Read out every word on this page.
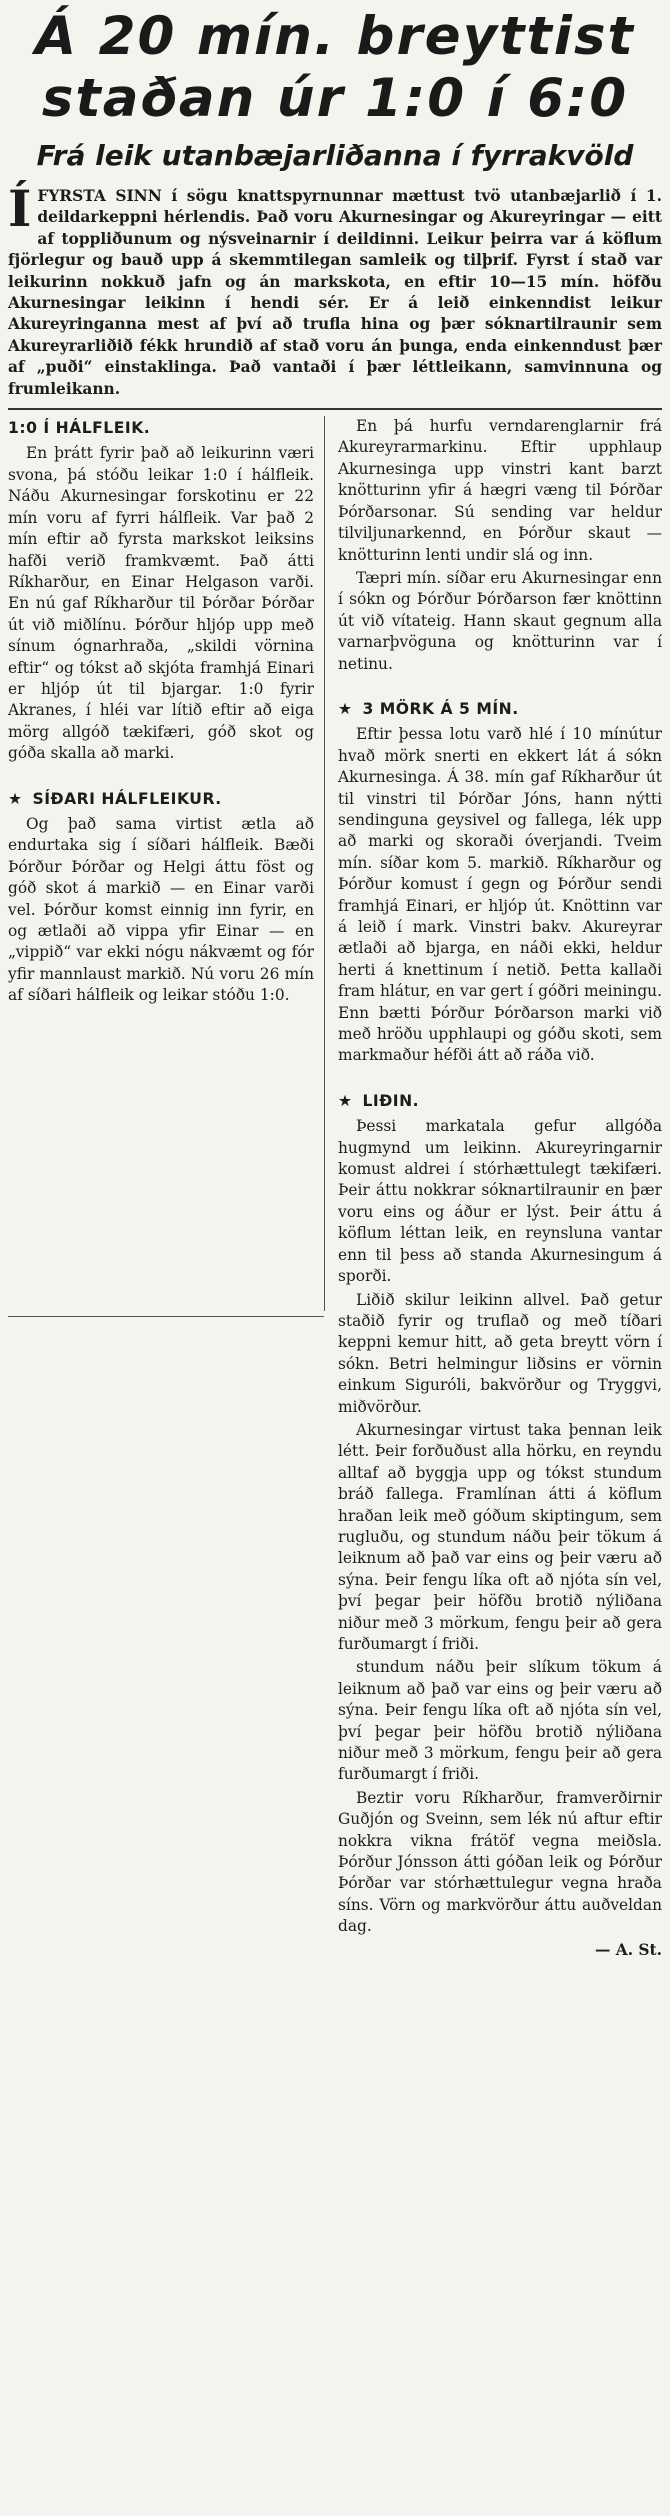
Á 20 mín. breyttist staðan úr 1:0 í 6:0
Frá leik utanbæjarliðanna í fyrrakvöld
Í FYRSTA SINN í sögu knattspyrnunnar mættust tvö utanbæjarlið í 1. deildarkeppni hérlendis. Það voru Akurnesingar og Akureyringar — eitt af toppliðunum og nýsveinarnir í deildinni. Leikur þeirra var á köflum fjörlegur og bauð upp á skemmtilegan samleik og tilþrif. Fyrst í stað var leikurinn nokkuð jafn og án markskota, en eftir 10—15 mín. höfðu Akurnesingar leikinn í hendi sér. Er á leið einkenndist leikur Akureyringanna mest af því að trufla hina og þær sóknartilraunir sem Akureyrarliðið fékk hrundið af stað voru án þunga, enda einkenndust þær af „puði“ einstaklinga. Það vantaði í þær léttleikann, samvinnuna og frumleikann.
1:0 Í HÁLFLEIK.

En þrátt fyrir það að leikurinn væri svona, þá stóðu leikar 1:0 í hálfleik. Náðu Akurnesingar forskotinu er 22 mín voru af fyrri hálfleik. Var það 2 mín eftir að fyrsta markskot leiksins hafði verið framkvæmt. Það átti Ríkharður, en Einar Helgason varði. En nú gaf Ríkharður til Þórðar Þórðar út við miðlínu. Þórður hljóp upp með sínum ógnarhraða, „skildi vörnina eftir“ og tókst að skjóta framhjá Einari er hljóp út til bjargar. 1:0 fyrir Akranes, í hléi var lítið eftir að eiga mörg allgóð tækifæri, góð skot og góða skalla að marki.

★ SÍÐARI HÁLFLEIKUR.

Og það sama virtist ætla að endurtaka sig í síðari hálfleik. Bæði Þórður Þórðar og Helgi áttu föst og góð skot á markið — en Einar varði vel. Þórður komst einnig inn fyrir, en og ætlaði að vippa yfir Einar — en „vippið“ var ekki nógu nákvæmt og fór yfir mannlaust markið. Nú voru 26 mín af síðari hálfleik og leikar stóðu 1:0.

En þá hurfu verndarenglarnir frá Akureyrarmarkinu. Eftir upphlaup Akurnesinga upp vinstri kant barzt knötturinn yfir á hægri væng til Þórðar Þórðarsonar. Sú sending var heldur tilviljunarkennd, en Þórður skaut — knötturinn lenti undir slá og inn.

Tæpri mín. síðar eru Akurnesingar enn í sókn og Þórður Þórðarson fær knöttinn út við vítateig. Hann skaut gegnum alla varnarþvöguna og knötturinn var í netinu.

★ 3 MÖRK Á 5 MÍN.

Eftir þessa lotu varð hlé í 10 mínútur hvað mörk snerti en ekkert lát á sókn Akurnesinga. Á 38. mín gaf Ríkharður út til vinstri til Þórðar Jóns, hann nýtti sendinguna geysivel og fallega, lék upp að marki og skoraði óverjandi. Tveim mín. síðar kom 5. markið. Ríkharður og Þórður komust í gegn og Þórður sendi framhjá Einari, er hljóp út. Knöttinn var á leið í mark. Vinstri bakv. Akureyrar ætlaði að bjarga, en náði ekki, heldur herti á knettinum í netið. Þetta kallaði fram hlátur, en var gert í góðri meiningu. Enn bætti Þórður Þórðarson marki við með hröðu upphlaupi og góðu skoti, sem markmaður héfði átt að ráða við.

★ LIÐIN.

Þessi markatala gefur allgóða hugmynd um leikinn. Akureyringarnir komust aldrei í stórhættulegt tækifæri. Þeir áttu nokkrar sóknartilraunir en þær voru eins og áður er lýst. Þeir áttu á köflum léttan leik, en reynsluna vantar enn til þess að standa Akurnesingum á sporði.

Liðið skilur leikinn allvel. Það getur staðið fyrir og truflað og með tíðari keppni kemur hitt, að geta breytt vörn í sókn. Betri helmingur liðsins er vörnin einkum Siguróli, bakvörður og Tryggvi, miðvörður.

Akurnesingar virtust taka þennan leik létt. Þeir forðuðust alla hörku, en reyndu alltaf að byggja upp og tókst stundum bráð fallega. Framlínan átti á köflum hraðan leik með góðum skiptingum, sem rugluðu, og stundum náðu þeir tökum á leiknum að það var eins og þeir væru að sýna. Þeir fengu líka oft að njóta sín vel, því þegar þeir höfðu brotið nýliðana niður með 3 mörkum, fengu þeir að gera furðumargt í friði.

stundum náðu þeir slíkum tökum á leiknum að það var eins og þeir væru að sýna. Þeir fengu líka oft að njóta sín vel, því þegar þeir höfðu brotið nýliðana niður með 3 mörkum, fengu þeir að gera furðumargt í friði.

Beztir voru Ríkharður, framverðirnir Guðjón og Sveinn, sem lék nú aftur eftir nokkra vikna frátöf vegna meiðsla. Þórður Jónsson átti góðan leik og Þórður Þórðar var stórhættulegur vegna hraða síns. Vörn og markvörður áttu auðveldan dag.

— A. St.
